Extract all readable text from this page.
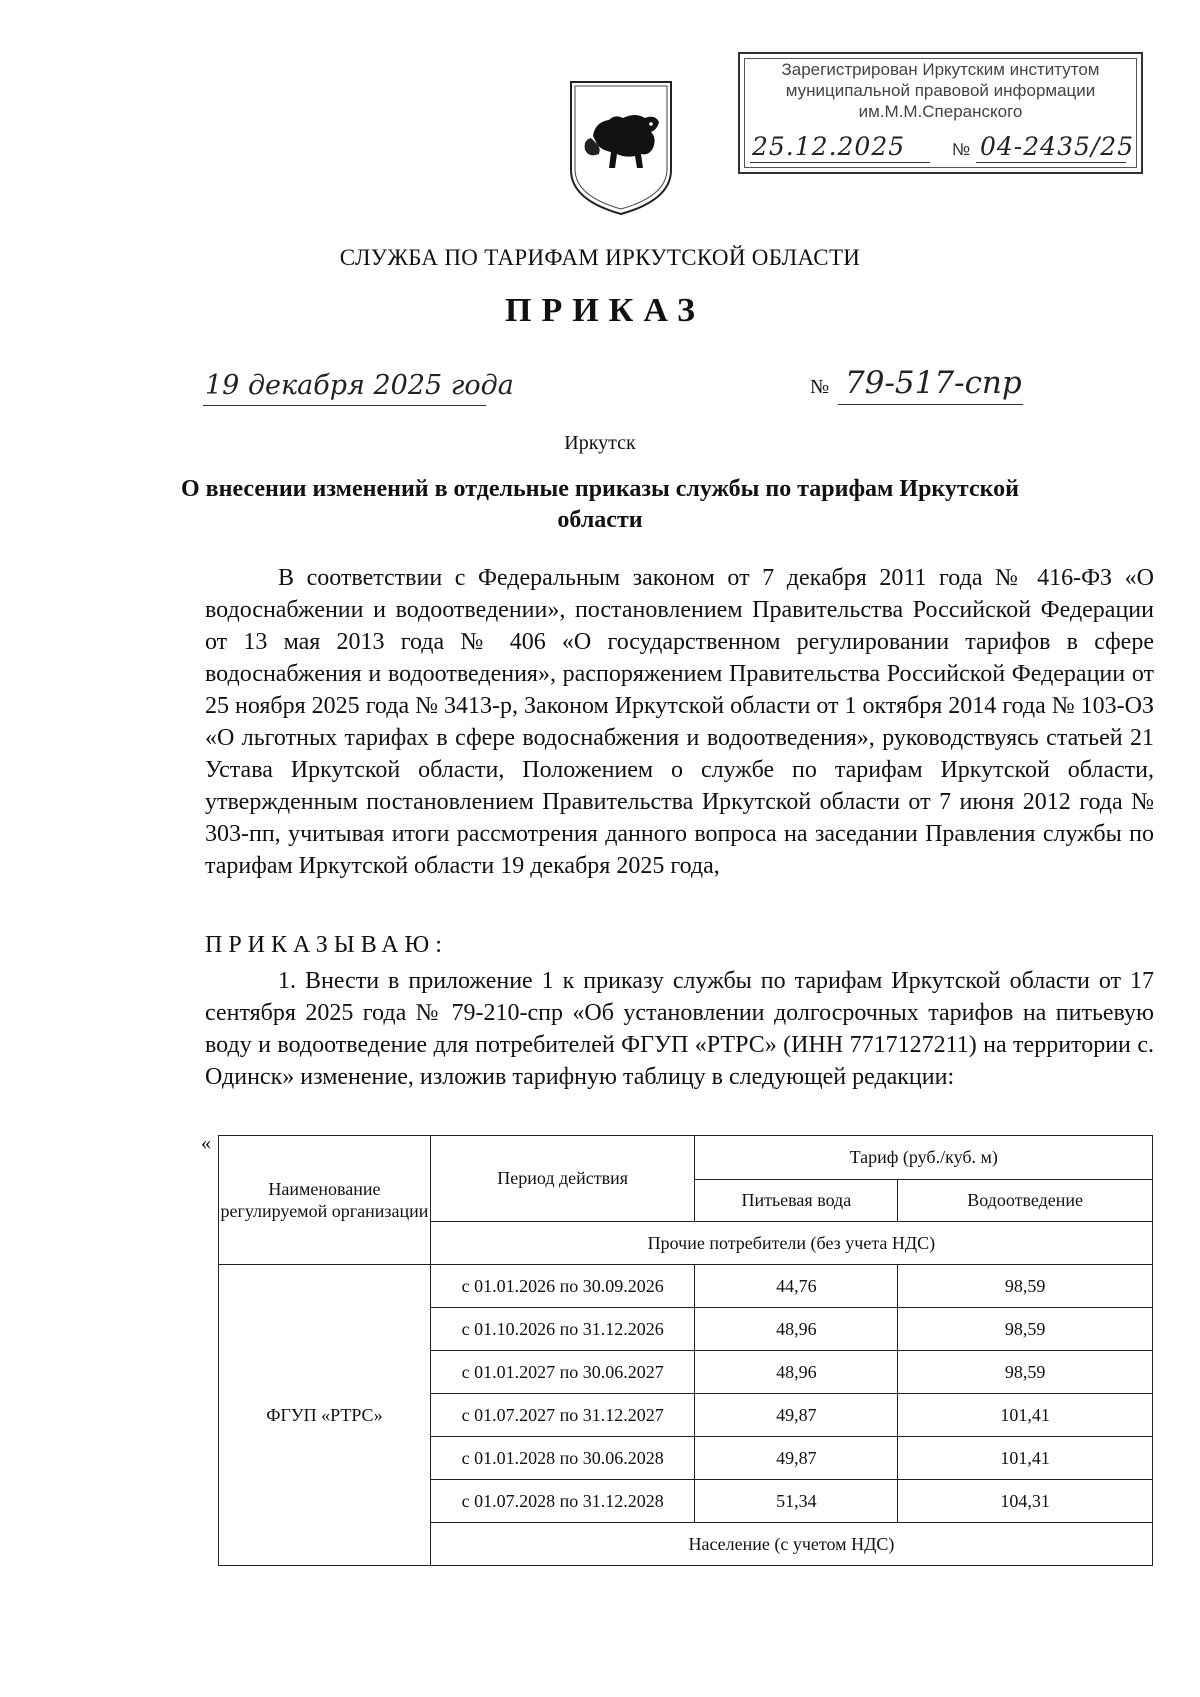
Зарегистрирован Иркутским институтом
муниципальной правовой информации
им.М.М.Сперанского
25.12.2025	№ 04-2435/25
СЛУЖБА ПО ТАРИФАМ ИРКУТСКОЙ ОБЛАСТИ
ПРИКАЗ
19 декабря 2025 года	№ 79-517-спр
Иркутск
О внесении изменений в отдельные приказы службы по тарифам Иркутской области
В соответствии с Федеральным законом от 7 декабря 2011 года № 416-ФЗ «О водоснабжении и водоотведении», постановлением Правительства Российской Федерации от 13 мая 2013 года № 406 «О государственном регулировании тарифов в сфере водоснабжения и водоотведения», распоряжением Правительства Российской Федерации от 25 ноября 2025 года № 3413-р, Законом Иркутской области от 1 октября 2014 года № 103-ОЗ «О льготных тарифах в сфере водоснабжения и водоотведения», руководствуясь статьей 21 Устава Иркутской области, Положением о службе по тарифам Иркутской области, утвержденным постановлением Правительства Иркутской области от 7 июня 2012 года № 303-пп, учитывая итоги рассмотрения данного вопроса на заседании Правления службы по тарифам Иркутской области 19 декабря 2025 года,
ПРИКАЗЫВАЮ:
1. Внести в приложение 1 к приказу службы по тарифам Иркутской области от 17 сентября 2025 года № 79-210-спр «Об установлении долгосрочных тарифов на питьевую воду и водоотведение для потребителей ФГУП «РТРС» (ИНН 7717127211) на территории с. Одинск» изменение, изложив тарифную таблицу в следующей редакции:
«
Наименование регулируемой организации	Период действия	Тариф (руб./куб. м)	
		Питьевая вода	Водоотведение
	Прочие потребители (без учета НДС)		
ФГУП «РТРС»	с 01.01.2026 по 30.09.2026	44,76	98,59
	с 01.10.2026 по 31.12.2026	48,96	98,59
	с 01.01.2027 по 30.06.2027	48,96	98,59
	с 01.07.2027 по 31.12.2027	49,87	101,41
	с 01.01.2028 по 30.06.2028	49,87	101,41
	с 01.07.2028 по 31.12.2028	51,34	104,31
	Население (с учетом НДС)		
